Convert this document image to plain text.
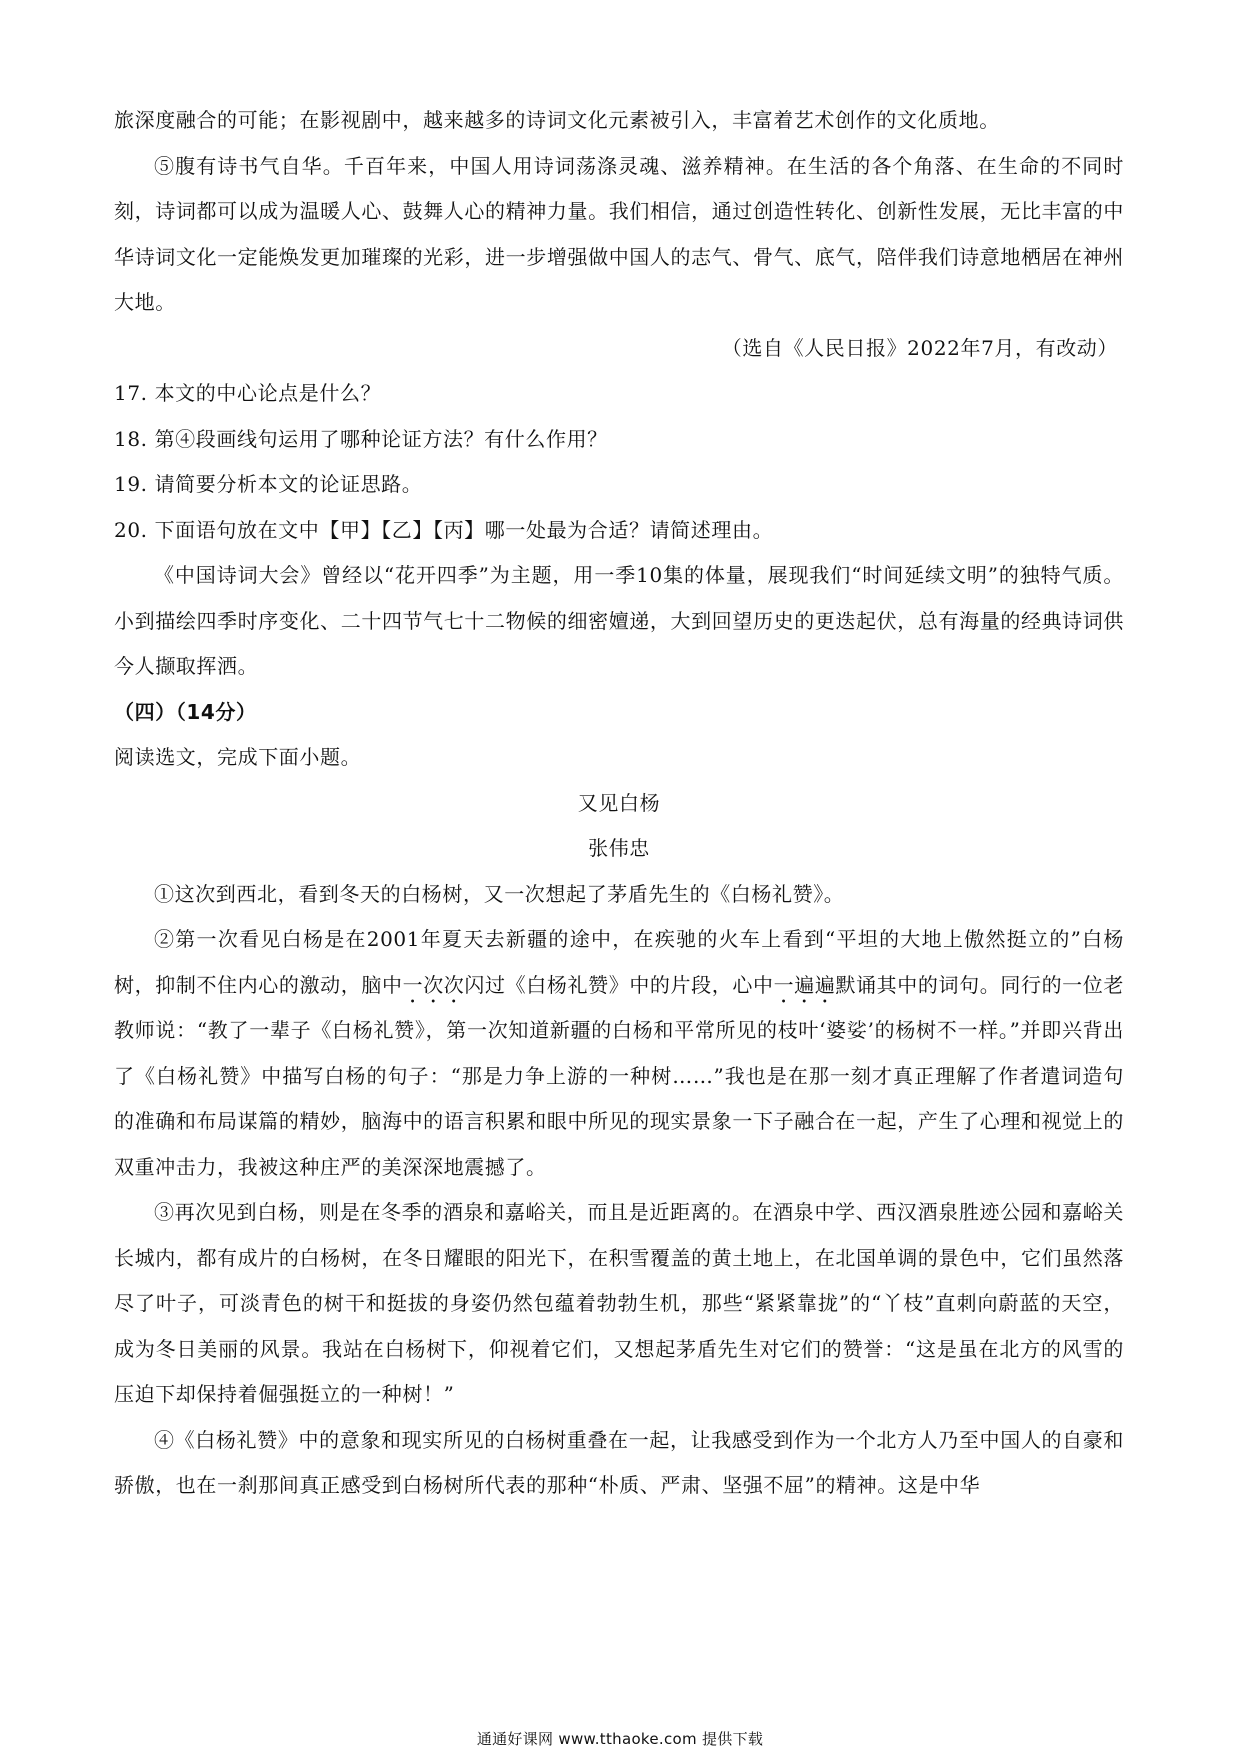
旅深度融合的可能；在影视剧中，越来越多的诗词文化元素被引入，丰富着艺术创作的文化质地。

⑤腹有诗书气自华。千百年来，中国人用诗词荡涤灵魂、滋养精神。在生活的各个角落、在生命的不同时刻，诗词都可以成为温暖人心、鼓舞人心的精神力量。我们相信，通过创造性转化、创新性发展，无比丰富的中华诗词文化一定能焕发更加璀璨的光彩，进一步增强做中国人的志气、骨气、底气，陪伴我们诗意地栖居在神州大地。

（选自《人民日报》2022年7月，有改动）

17. 本文的中心论点是什么？

18. 第④段画线句运用了哪种论证方法？有什么作用？

19. 请简要分析本文的论证思路。

20. 下面语句放在文中【甲】【乙】【丙】哪一处最为合适？请简述理由。

《中国诗词大会》曾经以“花开四季”为主题，用一季10集的体量，展现我们“时间延续文明”的独特气质。小到描绘四季时序变化、二十四节气七十二物候的细密嬗递，大到回望历史的更迭起伏，总有海量的经典诗词供今人撷取挥洒。

（四）（14分）

阅读选文，完成下面小题。

又见白杨

张伟忠

①这次到西北，看到冬天的白杨树，又一次想起了茅盾先生的《白杨礼赞》。

②第一次看见白杨是在2001年夏天去新疆的途中，在疾驰的火车上看到“平坦的大地上傲然挺立的”白杨树，抑制不住内心的激动，脑中一次次闪过《白杨礼赞》中的片段，心中一遍遍默诵其中的词句。同行的一位老教师说：“教了一辈子《白杨礼赞》，第一次知道新疆的白杨和平常所见的枝叶‘婆娑’的杨树不一样。”并即兴背出了《白杨礼赞》中描写白杨的句子：“那是力争上游的一种树……”我也是在那一刻才真正理解了作者遣词造句的准确和布局谋篇的精妙，脑海中的语言积累和眼中所见的现实景象一下子融合在一起，产生了心理和视觉上的双重冲击力，我被这种庄严的美深深地震撼了。

③再次见到白杨，则是在冬季的酒泉和嘉峪关，而且是近距离的。在酒泉中学、西汉酒泉胜迹公园和嘉峪关长城内，都有成片的白杨树，在冬日耀眼的阳光下，在积雪覆盖的黄土地上，在北国单调的景色中，它们虽然落尽了叶子，可淡青色的树干和挺拔的身姿仍然包蕴着勃勃生机，那些“紧紧靠拢”的“丫枝”直刺向蔚蓝的天空，成为冬日美丽的风景。我站在白杨树下，仰视着它们，又想起茅盾先生对它们的赞誉：“这是虽在北方的风雪的压迫下却保持着倔强挺立的一种树！”

④《白杨礼赞》中的意象和现实所见的白杨树重叠在一起，让我感受到作为一个北方人乃至中国人的自豪和骄傲，也在一刹那间真正感受到白杨树所代表的那种“朴质、严肃、坚强不屈”的精神。这是中华

通通好课网 www.tthaoke.com 提供下载
